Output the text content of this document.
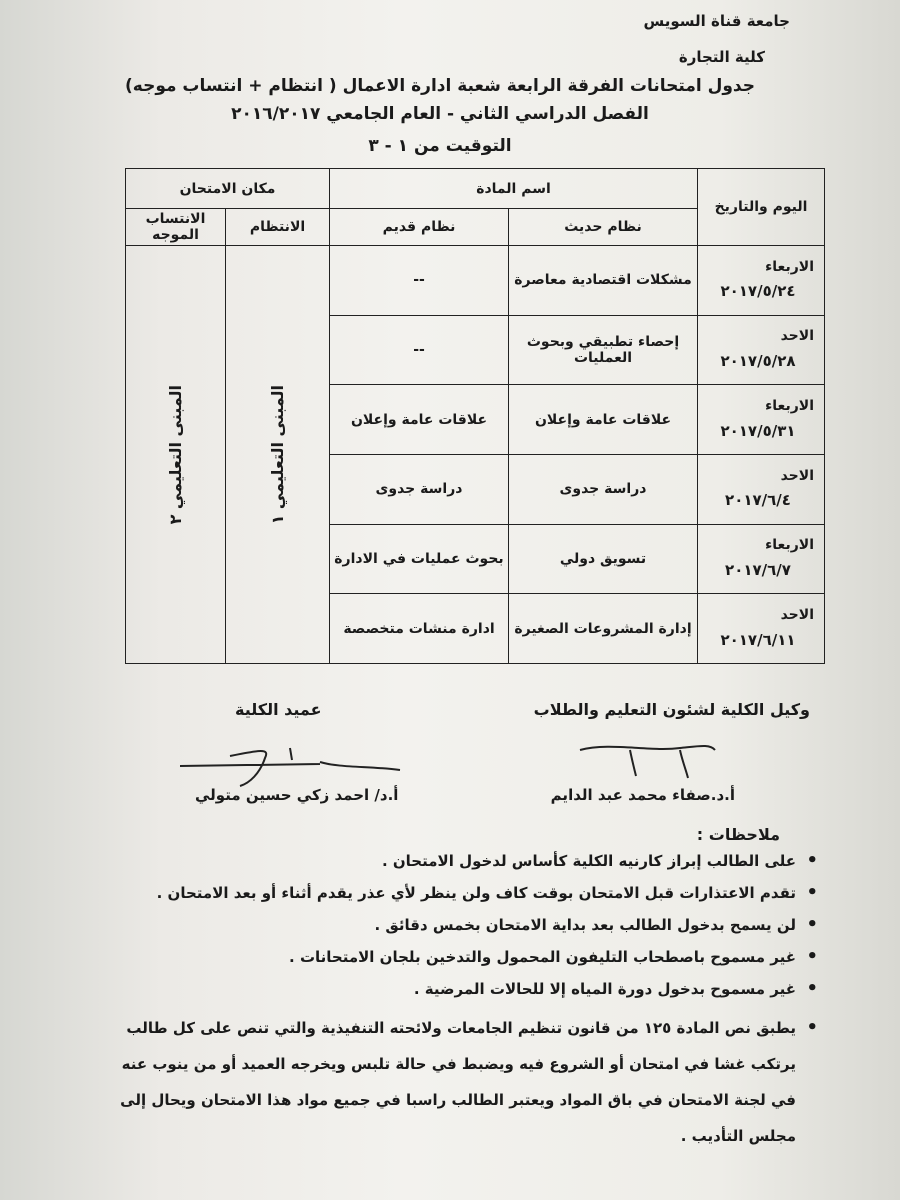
جامعة قناة السويس
كلية التجارة
جدول امتحانات الفرقة الرابعة شعبة ادارة الاعمال ( انتظام + انتساب موجه)
الفصل الدراسي الثاني - العام الجامعي ٢٠١٦/٢٠١٧
التوقيت من ١ - ٣
اليوم والتاريخ	اسم المادة		مكان الامتحان	
	نظام حديث	نظام قديم	الانتظام	الانتساب الموجه

الاربعاء
٢٠١٧/٥/٢٤	مشكلات اقتصادية معاصرة	--	المبنى التعليمي ١	المبنى التعليمي ٢

الاحد
٢٠١٧/٥/٢٨	إحصاء تطبيقي وبحوث العمليات	--		

الاربعاء
٢٠١٧/٥/٣١	علاقات عامة وإعلان	علاقات عامة وإعلان		

الاحد
٢٠١٧/٦/٤	دراسة جدوى	دراسة جدوى		

الاربعاء
٢٠١٧/٦/٧	تسويق دولي	بحوث عمليات في الادارة		

الاحد
٢٠١٧/٦/١١	إدارة المشروعات الصغيرة	ادارة منشات متخصصة		
وكيل الكلية لشئون التعليم والطلاب
عميد الكلية
أ.د.صفاء محمد عبد الدايم
أ.د/ احمد زكي حسين متولي
ملاحظات :
• على الطالب إبراز كارنيه الكلية كأساس لدخول الامتحان .
• تقدم الاعتذارات قبل الامتحان بوقت كاف ولن ينظر لأي عذر يقدم أثناء أو بعد الامتحان .
• لن يسمح بدخول الطالب بعد بداية الامتحان بخمس دقائق .
• غير مسموح باصطحاب التليفون المحمول والتدخين بلجان الامتحانات .
• غير مسموح بدخول دورة المياه إلا للحالات المرضية .
• يطبق نص المادة ١٢٥ من قانون تنظيم الجامعات ولائحته التنفيذية والتي تنص على كل طالب يرتكب غشا في امتحان أو الشروع فيه ويضبط في حالة تلبس ويخرجه العميد أو من ينوب عنه في لجنة الامتحان في باق المواد ويعتبر الطالب راسبا في جميع مواد هذا الامتحان ويحال إلى مجلس التأديب .
